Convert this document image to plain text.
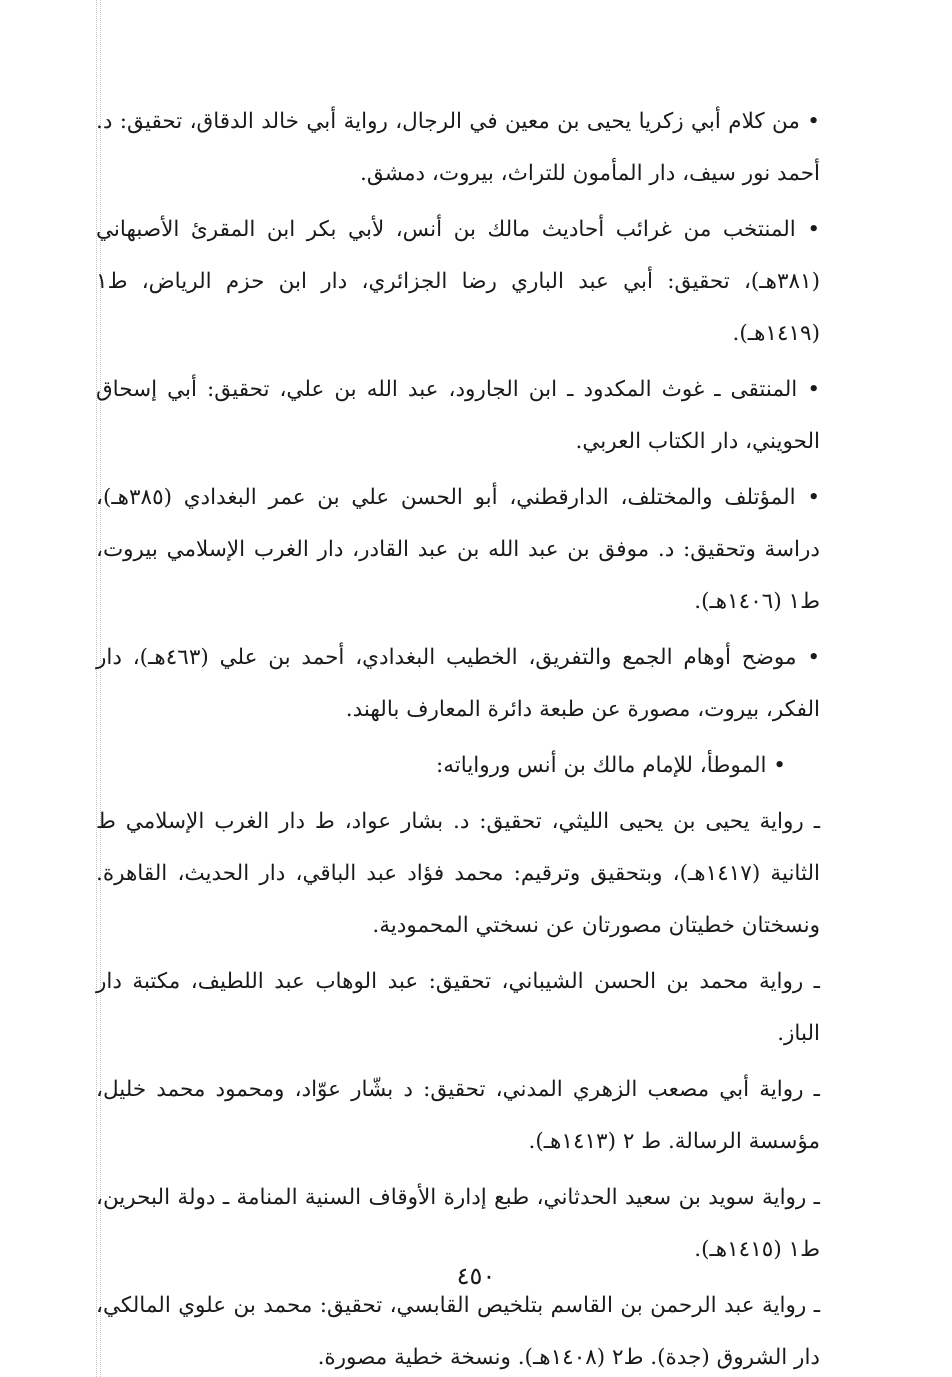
• من كلام أبي زكريا يحيى بن معين في الرجال، رواية أبي خالد الدقاق، تحقيق: د. أحمد نور سيف، دار المأمون للتراث، بيروت، دمشق.

• المنتخب من غرائب أحاديث مالك بن أنس، لأبي بكر ابن المقرئ الأصبهاني (٣٨١هـ)، تحقيق: أبي عبد الباري رضا الجزائري، دار ابن حزم الرياض، ط١ (١٤١٩هـ).

• المنتقى ـ غوث المكدود ـ ابن الجارود، عبد الله بن علي، تحقيق: أبي إسحاق الحويني، دار الكتاب العربي.

• المؤتلف والمختلف، الدارقطني، أبو الحسن علي بن عمر البغدادي (٣٨٥هـ)، دراسة وتحقيق: د. موفق بن عبد الله بن عبد القادر، دار الغرب الإسلامي بيروت، ط١ (١٤٠٦هـ).

• موضح أوهام الجمع والتفريق، الخطيب البغدادي، أحمد بن علي (٤٦٣هـ)، دار الفكر، بيروت، مصورة عن طبعة دائرة المعارف بالهند.

• الموطأ، للإمام مالك بن أنس ورواياته:

ـ رواية يحيى بن يحيى الليثي، تحقيق: د. بشار عواد، ط دار الغرب الإسلامي ط الثانية (١٤١٧هـ)، وبتحقيق وترقيم: محمد فؤاد عبد الباقي، دار الحديث، القاهرة. ونسختان خطيتان مصورتان عن نسختي المحمودية.

ـ رواية محمد بن الحسن الشيباني، تحقيق: عبد الوهاب عبد اللطيف، مكتبة دار الباز.

ـ رواية أبي مصعب الزهري المدني، تحقيق: د بشّار عوّاد، ومحمود محمد خليل، مؤسسة الرسالة. ط ٢ (١٤١٣هـ).

ـ رواية سويد بن سعيد الحدثاني، طبع إدارة الأوقاف السنية المنامة ـ دولة البحرين، ط١ (١٤١٥هـ).

ـ رواية عبد الرحمن بن القاسم بتلخيص القابسي، تحقيق: محمد بن علوي المالكي، دار الشروق (جدة). ط٢ (١٤٠٨هـ). ونسخة خطية مصورة.

٤٥٠
